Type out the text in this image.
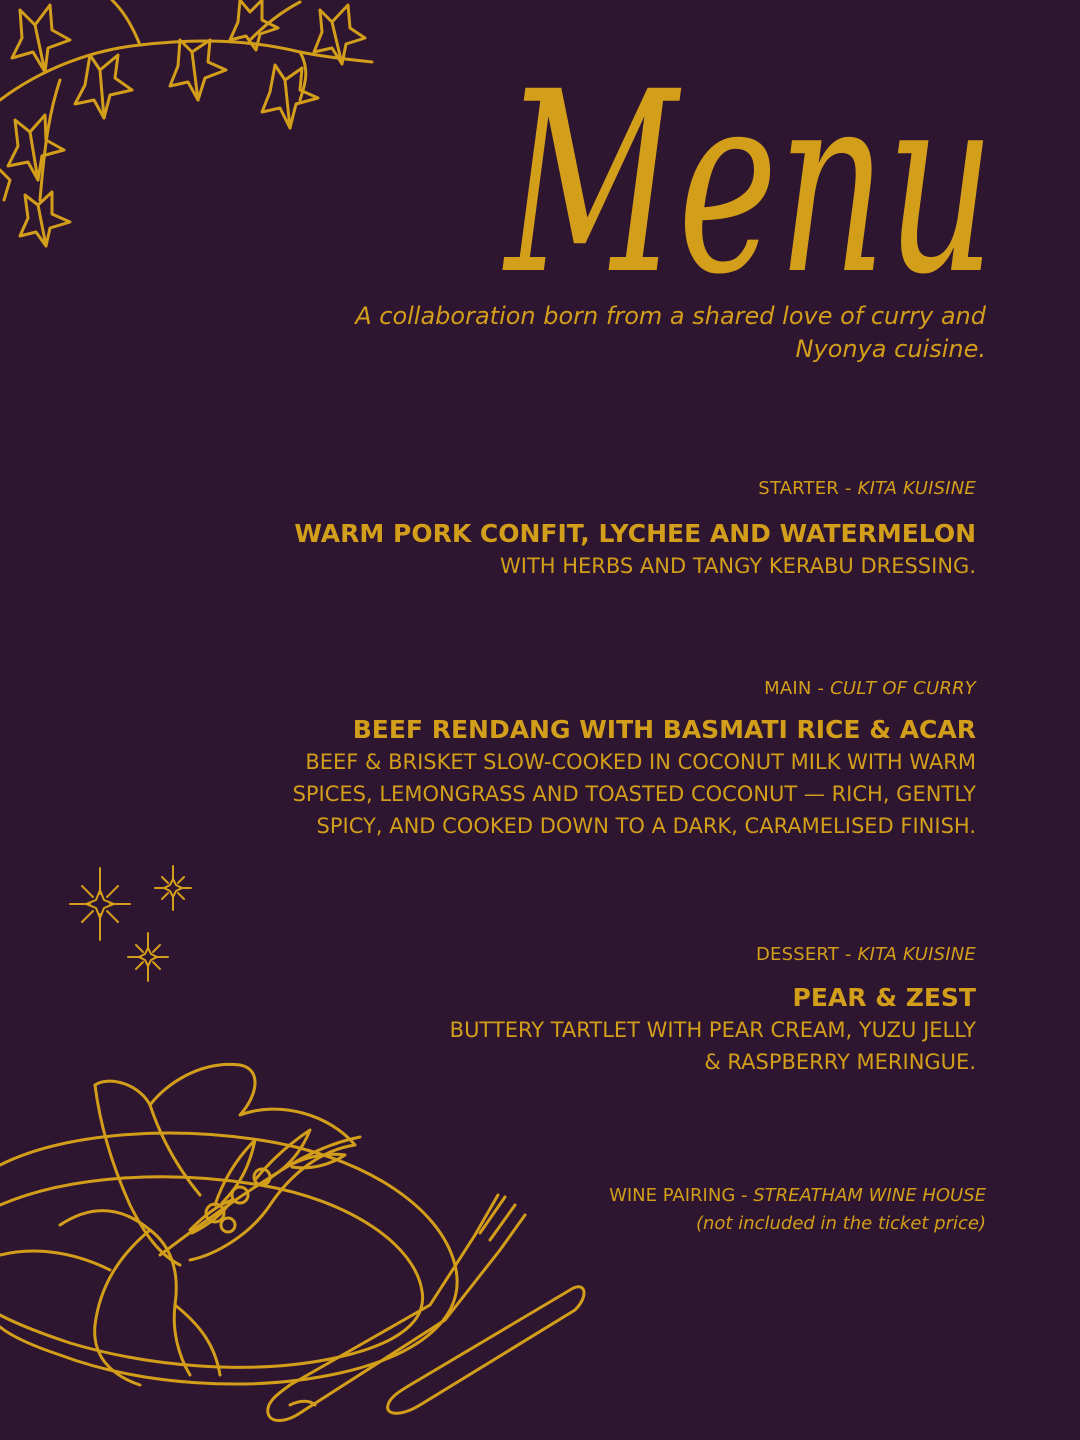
Menu
A collaboration born from a shared love of curry and
Nyonya cuisine.
STARTER - KITA KUISINE
WARM PORK CONFIT, LYCHEE AND WATERMELON
WITH HERBS AND TANGY KERABU DRESSING.
MAIN - CULT OF CURRY
BEEF RENDANG WITH BASMATI RICE & ACAR
BEEF & BRISKET SLOW-COOKED IN COCONUT MILK WITH WARM
SPICES, LEMONGRASS AND TOASTED COCONUT — RICH, GENTLY
SPICY, AND COOKED DOWN TO A DARK, CARAMELISED FINISH.
DESSERT - KITA KUISINE
PEAR & ZEST
BUTTERY TARTLET WITH PEAR CREAM, YUZU JELLY
& RASPBERRY MERINGUE.
WINE PAIRING - STREATHAM WINE HOUSE
(not included in the ticket price)
